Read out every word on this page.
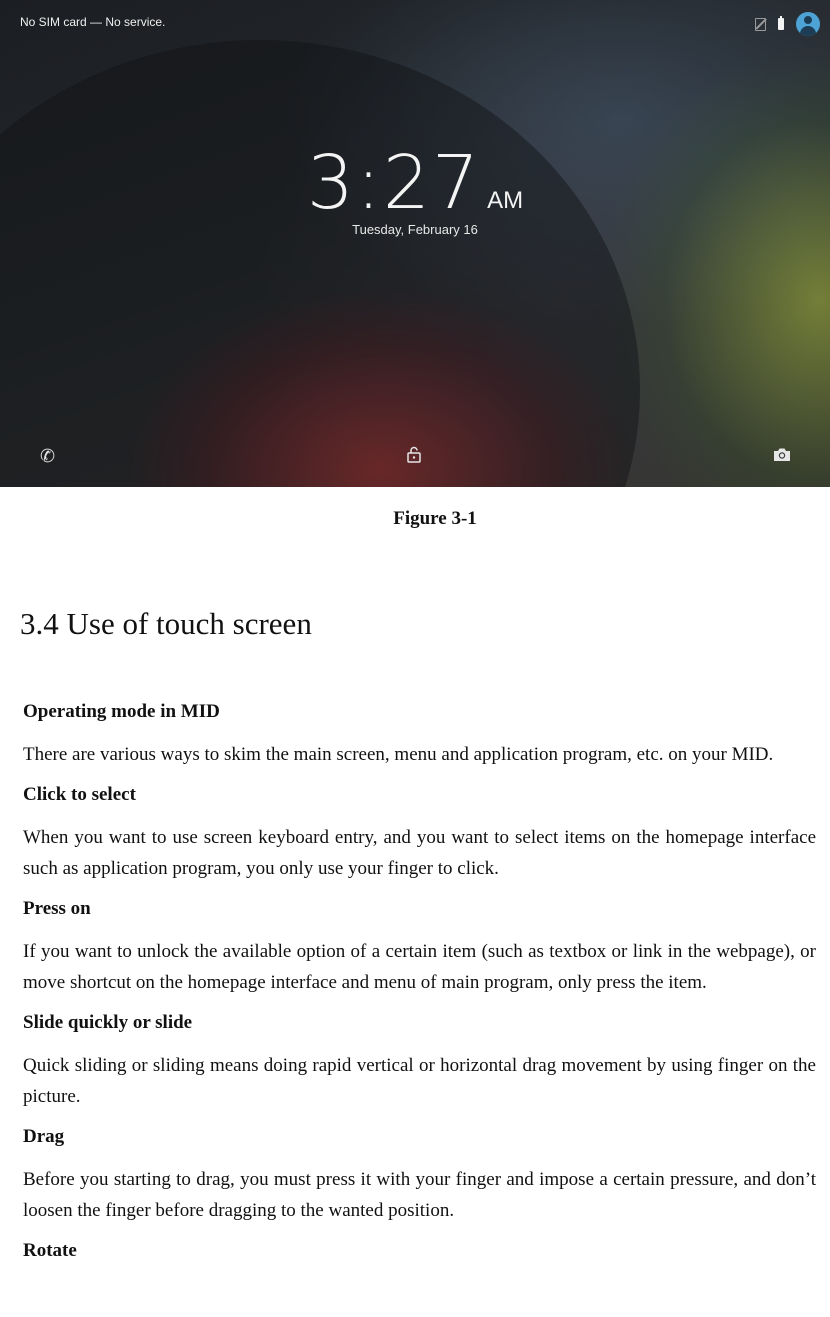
No SIM card — No service.
3:27 AM
Tuesday, February 16
✆
Figure 3-1
3.4 Use of touch screen
Operating mode in MID

There are various ways to skim the main screen, menu and application program, etc. on your MID.

Click to select

When you want to use screen keyboard entry, and you want to select items on the homepage interface such as application program, you only use your finger to click.

Press on

If you want to unlock the available option of a certain item (such as textbox or link in the webpage), or move shortcut on the homepage interface and menu of main program, only press the item.

Slide quickly or slide

Quick sliding or sliding means doing rapid vertical or horizontal drag movement by using finger on the picture.

Drag

Before you starting to drag, you must press it with your finger and impose a certain pressure, and don’t loosen the finger before dragging to the wanted position.

Rotate
